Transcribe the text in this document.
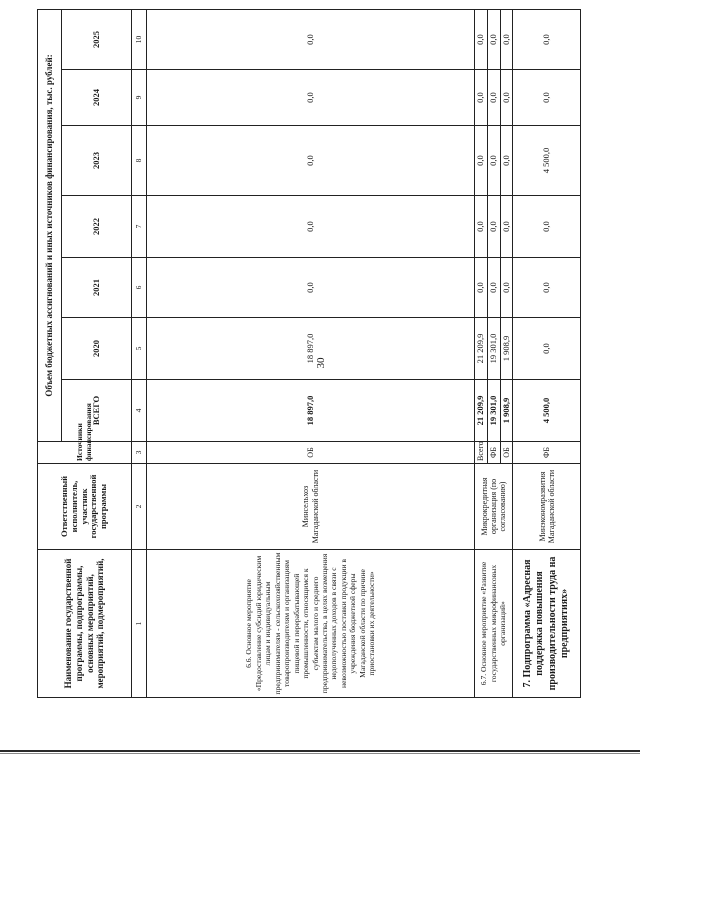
30
Наименование государственной программы, подпрограммы, основных мероприятий, мероприятий, подмероприятий,	Ответственный исполнитель, участник государственной программы	Источники финансирования	Объем бюджетных ассигнований и иных источников финансирования, тыс. рублей:						
			ВСЕГО	2020	2021	2022	2023	2024	2025
1	2	3	4	5	6	7	8	9	10
6.6. Основное мероприятие «Предоставление субсидий юридическим лицам и индивидуальным предпринимателям - сельскохозяйственным товаропроизводителям и организациям пищевой и перерабатывающей промышленности, относящимся к субъектам малого и среднего предпринимательства, в целях возмещения недополученных доходов в связи с невозможностью поставки продукции в учреждения бюджетной сферы Магаданской области по причине приостановки их деятельности»	Минсельхоз Магаданской области	ОБ	18 897,0	18 897,0	0,0	0,0	0,0	0,0	0,0
6.7. Основное мероприятие «Развитие государственных микрофинансовых организаций»	Микрокредитная организация (по согласованию)	Всего	21 209,9	21 209,9	0,0	0,0	0,0	0,0	0,0
		ФБ	19 301,0	19 301,0	0,0	0,0	0,0	0,0	0,0
		ОБ	1 908,9	1 908,9	0,0	0,0	0,0	0,0	0,0
7. Подпрограмма «Адресная поддержка повышения производительности труда на предприятиях»	Минэкономразвития Магаданской области	ФБ	4 500,0	0,0	0,0	0,0	4 500,0	0,0	0,0
